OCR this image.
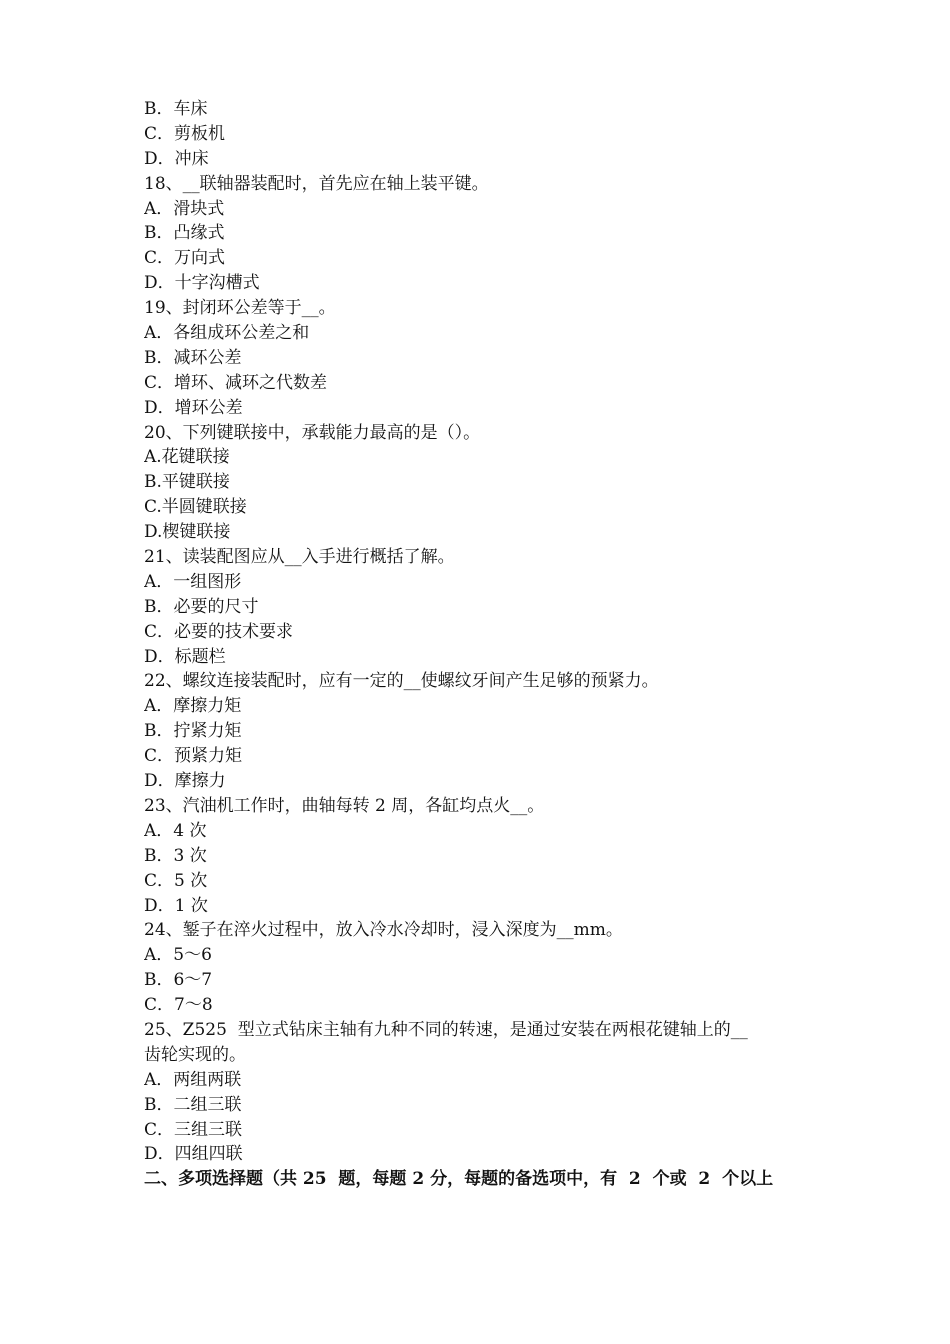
B．车床
C．剪板机
D．冲床
18、__联轴器装配时，首先应在轴上装平键。
A．滑块式
B．凸缘式
C．万向式
D．十字沟槽式
19、封闭环公差等于__。
A．各组成环公差之和
B．减环公差
C．增环、减环之代数差
D．增环公差
20、下列键联接中，承载能力最高的是（）。
A.花键联接
B.平键联接
C.半圆键联接
D.楔键联接
21、读装配图应从__入手进行概括了解。
A．一组图形
B．必要的尺寸
C．必要的技术要求
D．标题栏
22、螺纹连接装配时，应有一定的__使螺纹牙间产生足够的预紧力。
A．摩擦力矩
B．拧紧力矩
C．预紧力矩
D．摩擦力
23、汽油机工作时，曲轴每转 2 周，各缸均点火__。
A．4 次
B．3 次
C．5 次
D．1 次
24、錾子在淬火过程中，放入冷水冷却时，浸入深度为__mm。
A．5～6
B．6～7
C．7～8
25、Z525  型立式钻床主轴有九种不同的转速，是通过安装在两根花键轴上的__
齿轮实现的。
A．两组两联
B．二组三联
C．三组三联
D．四组四联
二、多项选择题（共 25  题，每题 2 分，每题的备选项中，有  2  个或  2  个以上
